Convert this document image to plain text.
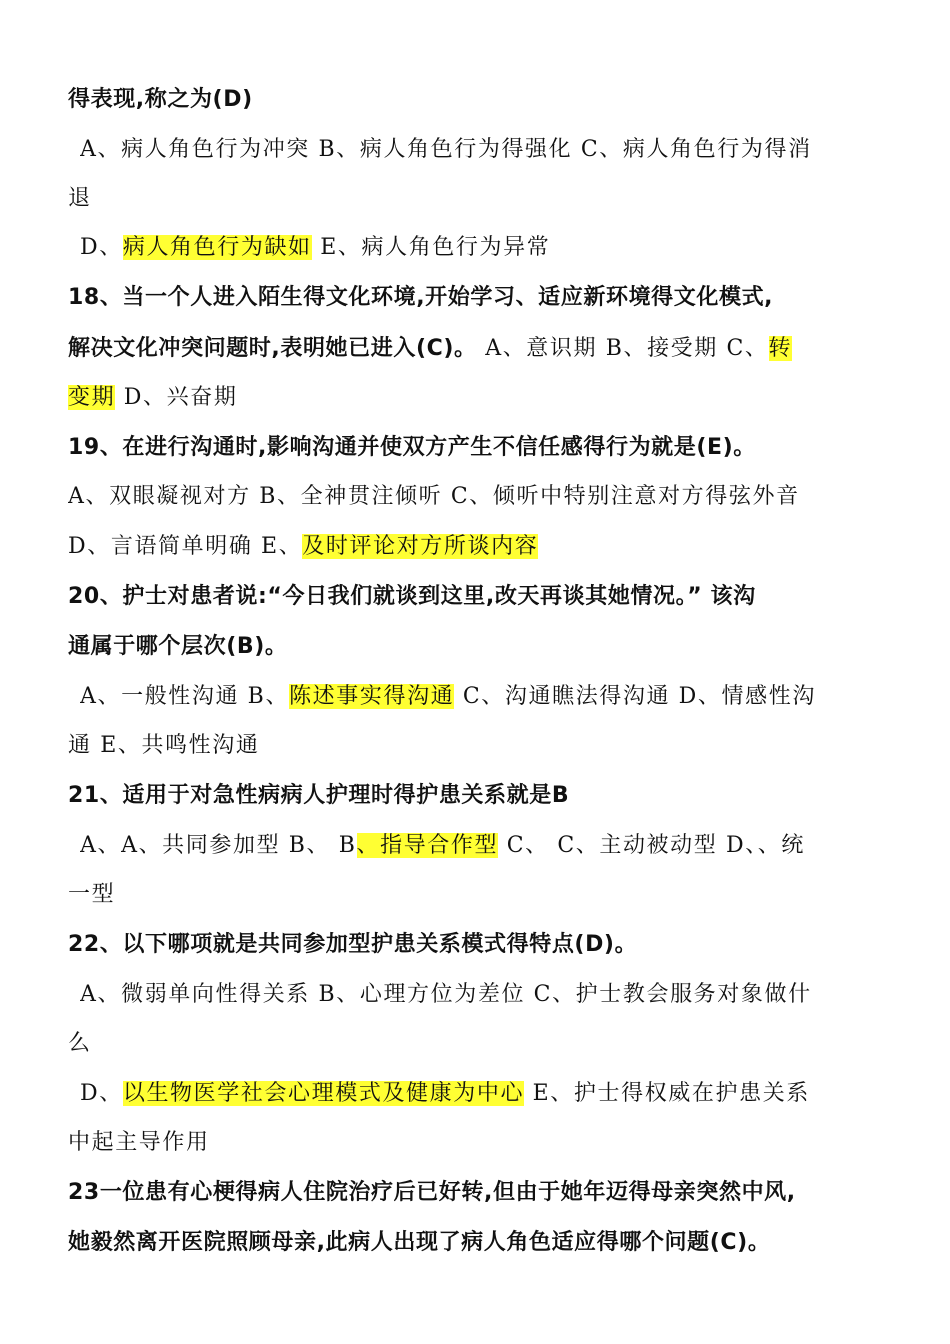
得表现,称之为(D)
A、病人角色行为冲突 B、病人角色行为得强化 C、病人角色行为得消
退
D、病人角色行为缺如 E、病人角色行为异常
18、当一个人进入陌生得文化环境,开始学习、适应新环境得文化模式,
解决文化冲突问题时,表明她已进入(C)。 A、意识期 B、接受期 C、转
变期 D、兴奋期
19、在进行沟通时,影响沟通并使双方产生不信任感得行为就是(E)。
A、双眼凝视对方 B、全神贯注倾听 C、倾听中特别注意对方得弦外音
D、言语简单明确 E、及时评论对方所谈内容
20、护士对患者说:“今日我们就谈到这里,改天再谈其她情况。” 该沟
通属于哪个层次(B)。
A、一般性沟通 B、陈述事实得沟通 C、沟通瞧法得沟通 D、情感性沟
通 E、共鸣性沟通
21、适用于对急性病病人护理时得护患关系就是B
A、A、共同参加型 B、 B、指导合作型 C、 C、主动被动型 D、、统
一型
22、以下哪项就是共同参加型护患关系模式得特点(D)。
A、微弱单向性得关系 B、心理方位为差位 C、护士教会服务对象做什
么
D、以生物医学社会心理模式及健康为中心 E、护士得权威在护患关系
中起主导作用
23一位患有心梗得病人住院治疗后已好转,但由于她年迈得母亲突然中风,
她毅然离开医院照顾母亲,此病人出现了病人角色适应得哪个问题(C)。
